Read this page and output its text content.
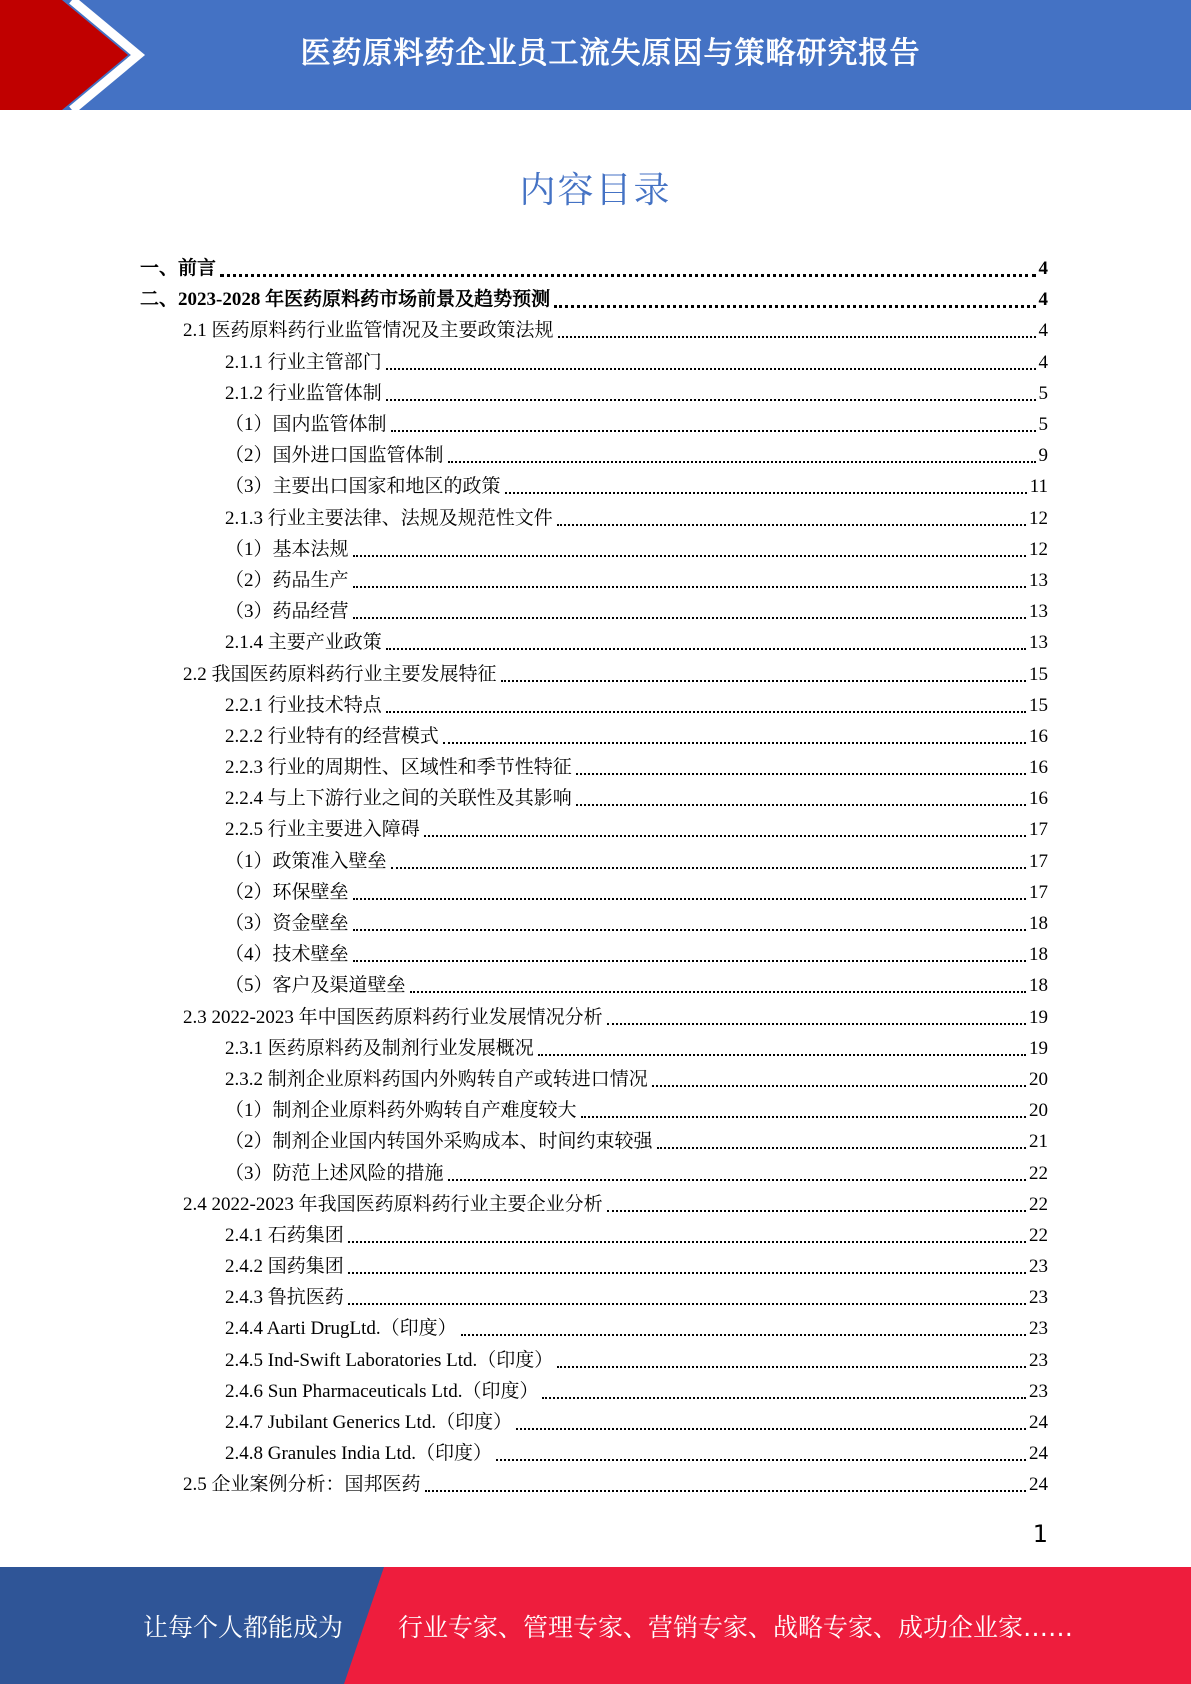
医药原料药企业员工流失原因与策略研究报告
内容目录
一、前言	4
二、2023-2028 年医药原料药市场前景及趋势预测	4
2.1 医药原料药行业监管情况及主要政策法规	4
2.1.1 行业主管部门	4
2.1.2 行业监管体制	5
（1）国内监管体制	5
（2）国外进口国监管体制	9
（3）主要出口国家和地区的政策	11
2.1.3 行业主要法律、法规及规范性文件	12
（1）基本法规	12
（2）药品生产	13
（3）药品经营	13
2.1.4 主要产业政策	13
2.2 我国医药原料药行业主要发展特征	15
2.2.1 行业技术特点	15
2.2.2 行业特有的经营模式	16
2.2.3 行业的周期性、区域性和季节性特征	16
2.2.4 与上下游行业之间的关联性及其影响	16
2.2.5 行业主要进入障碍	17
（1）政策准入壁垒	17
（2）环保壁垒	17
（3）资金壁垒	18
（4）技术壁垒	18
（5）客户及渠道壁垒	18
2.3 2022-2023 年中国医药原料药行业发展情况分析	19
2.3.1 医药原料药及制剂行业发展概况	19
2.3.2 制剂企业原料药国内外购转自产或转进口情况	20
（1）制剂企业原料药外购转自产难度较大	20
（2）制剂企业国内转国外采购成本、时间约束较强	21
（3）防范上述风险的措施	22
2.4 2022-2023 年我国医药原料药行业主要企业分析	22
2.4.1 石药集团	22
2.4.2 国药集团	23
2.4.3 鲁抗医药	23
2.4.4 Aarti DrugLtd.（印度）	23
2.4.5 Ind-Swift Laboratories Ltd.（印度）	23
2.4.6 Sun Pharmaceuticals Ltd.（印度）	23
2.4.7 Jubilant Generics Ltd.（印度）	24
2.4.8 Granules India Ltd.（印度）	24
2.5 企业案例分析：国邦医药	24
1
让每个人都能成为 行业专家、管理专家、营销专家、战略专家、成功企业家……
